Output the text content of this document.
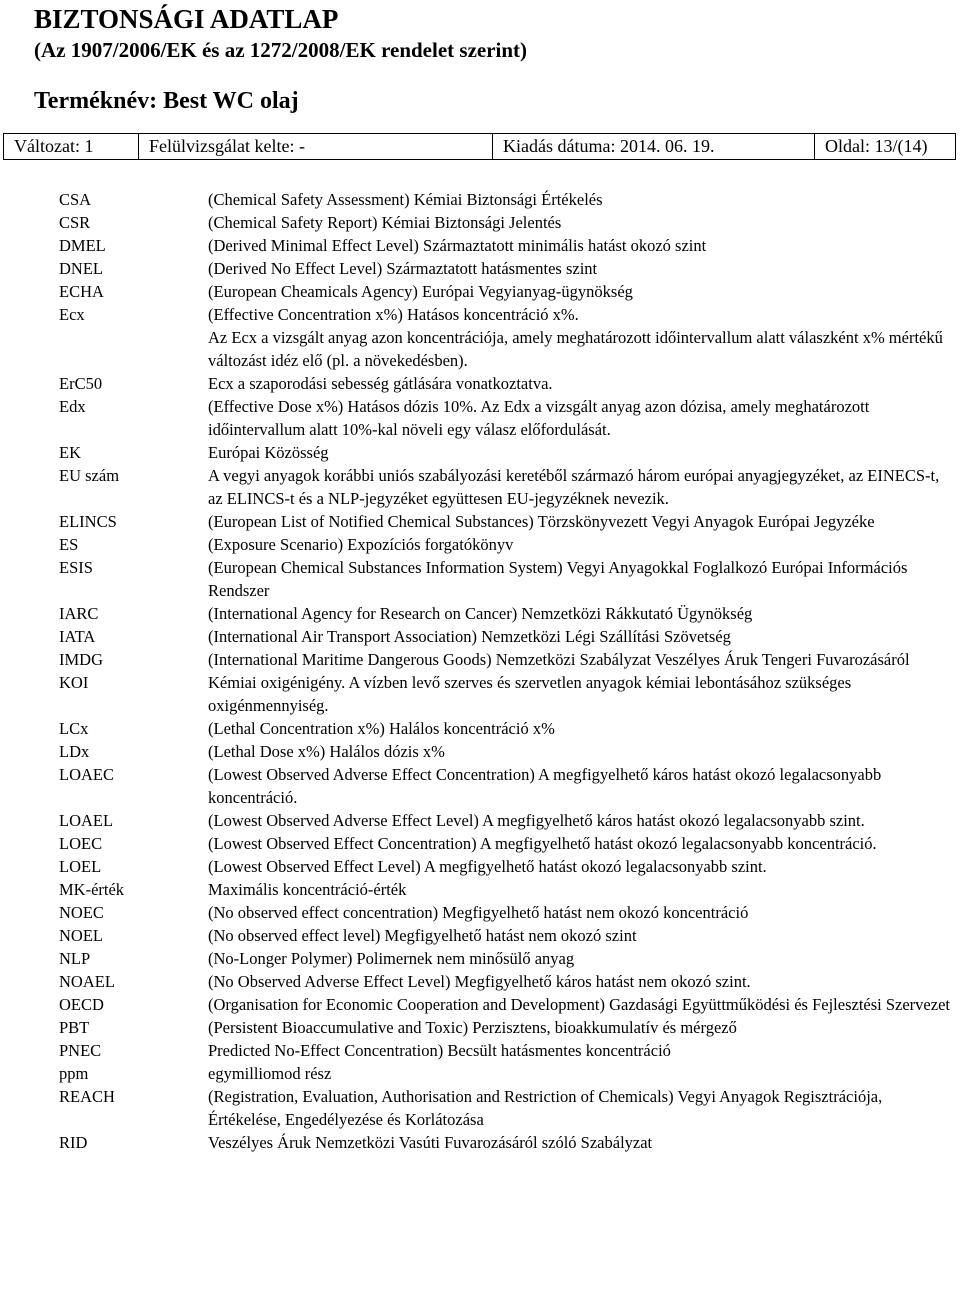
BIZTONSÁGI ADATLAP
(Az 1907/2006/EK és az 1272/2008/EK rendelet szerint)
Terméknév: Best WC olaj
Változat: 1	Felülvizsgálat kelte: -	Kiadás dátuma: 2014. 06. 19.	Oldal: 13/(14)
CSA	(Chemical Safety Assessment) Kémiai Biztonsági Értékelés
CSR	(Chemical Safety Report) Kémiai Biztonsági Jelentés
DMEL	(Derived Minimal Effect Level) Származtatott minimális hatást okozó szint
DNEL	(Derived No Effect Level) Származtatott hatásmentes szint
ECHA	(European Cheamicals Agency) Európai Vegyianyag-ügynökség
Ecx	(Effective Concentration x%) Hatásos koncentráció x%.
Az Ecx a vizsgált anyag azon koncentrációja, amely meghatározott időintervallum alatt válaszként x% mértékű változást idéz elő (pl. a növekedésben).
ErC50	Ecx a szaporodási sebesség gátlására vonatkoztatva.
Edx	(Effective Dose x%) Hatásos dózis 10%. Az Edx a vizsgált anyag azon dózisa, amely meghatározott időintervallum alatt 10%-kal növeli egy válasz előfordulását.
EK	Európai Közösség
EU szám	A vegyi anyagok korábbi uniós szabályozási keretéből származó három európai anyagjegyzéket, az EINECS-t, az ELINCS-t és a NLP-jegyzéket együttesen EU-jegyzéknek nevezik.
ELINCS	(European List of Notified Chemical Substances) Törzskönyvezett Vegyi Anyagok Európai Jegyzéke
ES	(Exposure Scenario) Expozíciós forgatókönyv
ESIS	(European Chemical Substances Information System) Vegyi Anyagokkal Foglalkozó Európai Információs Rendszer
IARC	(International Agency for Research on Cancer) Nemzetközi Rákkutató Ügynökség
IATA	(International Air Transport Association) Nemzetközi Légi Szállítási Szövetség
IMDG	(International Maritime Dangerous Goods) Nemzetközi Szabályzat Veszélyes Áruk Tengeri Fuvarozásáról
KOI	Kémiai oxigénigény. A vízben levő szerves és szervetlen anyagok kémiai lebontásához szükséges oxigénmennyiség.
LCx	(Lethal Concentration x%) Halálos koncentráció x%
LDx	(Lethal Dose x%) Halálos dózis x%
LOAEC	(Lowest Observed Adverse Effect Concentration) A megfigyelhető káros hatást okozó legalacsonyabb koncentráció.
LOAEL	(Lowest Observed Adverse Effect Level) A megfigyelhető káros hatást okozó legalacsonyabb szint.
LOEC	(Lowest Observed Effect Concentration) A megfigyelhető hatást okozó legalacsonyabb koncentráció.
LOEL	(Lowest Observed Effect Level) A megfigyelhető hatást okozó legalacsonyabb szint.
MK-érték	Maximális koncentráció-érték
NOEC	(No observed effect concentration) Megfigyelhető hatást nem okozó koncentráció
NOEL	(No observed effect level) Megfigyelhető hatást nem okozó szint
NLP	(No-Longer Polymer) Polimernek nem minősülő anyag
NOAEL	(No Observed Adverse Effect Level) Megfigyelhető káros hatást nem okozó szint.
OECD	(Organisation for Economic Cooperation and Development) Gazdasági Együttműködési és Fejlesztési Szervezet
PBT	(Persistent Bioaccumulative and Toxic) Perzisztens, bioakkumulatív és mérgező
PNEC	Predicted No-Effect Concentration) Becsült hatásmentes koncentráció
ppm	egymilliomod rész
REACH	(Registration, Evaluation, Authorisation and Restriction of Chemicals) Vegyi Anyagok Regisztrációja, Értékelése, Engedélyezése és Korlátozása
RID	Veszélyes Áruk Nemzetközi Vasúti Fuvarozásáról szóló Szabályzat
